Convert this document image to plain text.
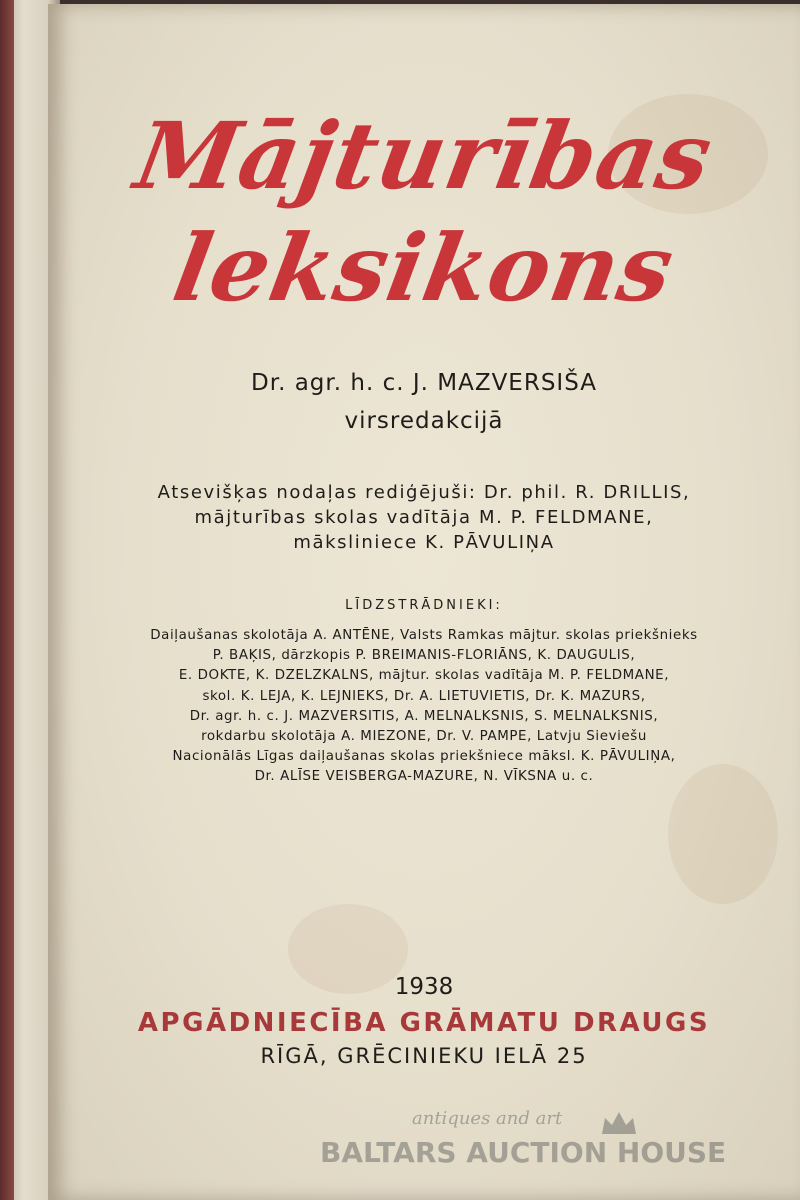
Mājturības
leksikons
Dr. agr. h. c. J. MAZVERSIŠA
virsredakcijā
Atsevišķas nodaļas rediģējuši: Dr. phil. R. DRILLIS,
mājturības skolas vadītāja M. P. FELDMANE,
māksliniece K. PĀVULIŅA
LĪDZSTRĀDNIEKI:
Daiļaušanas skolotāja A. ANTĒNE, Valsts Ramkas mājtur. skolas priekšnieks
P. BAĶIS, dārzkopis P. BREIMANIS-FLORIĀNS, K. DAUGULIS,
E. DOKTE, K. DZELZKALNS, mājtur. skolas vadītāja M. P. FELDMANE,
skol. K. LEJA, K. LEJNIEKS, Dr. A. LIETUVIETIS, Dr. K. MAZURS,
Dr. agr. h. c. J. MAZVERSITIS, A. MELNALKSNIS, S. MELNALKSNIS,
rokdarbu skolotāja A. MIEZONE, Dr. V. PAMPE, Latvju Sieviešu
Nacionālās Līgas daiļaušanas skolas priekšniece māksl. K. PĀVULIŅA,
Dr. ALĪSE VEISBERGA-MAZURE, N. VĪKSNA u. c.
1938
APGĀDNIECĪBA GRĀMATU DRAUGS
RĪGĀ, GRĒCINIEKU IELĀ 25
antiques and art
BALTARS AUCTION HOUSE
